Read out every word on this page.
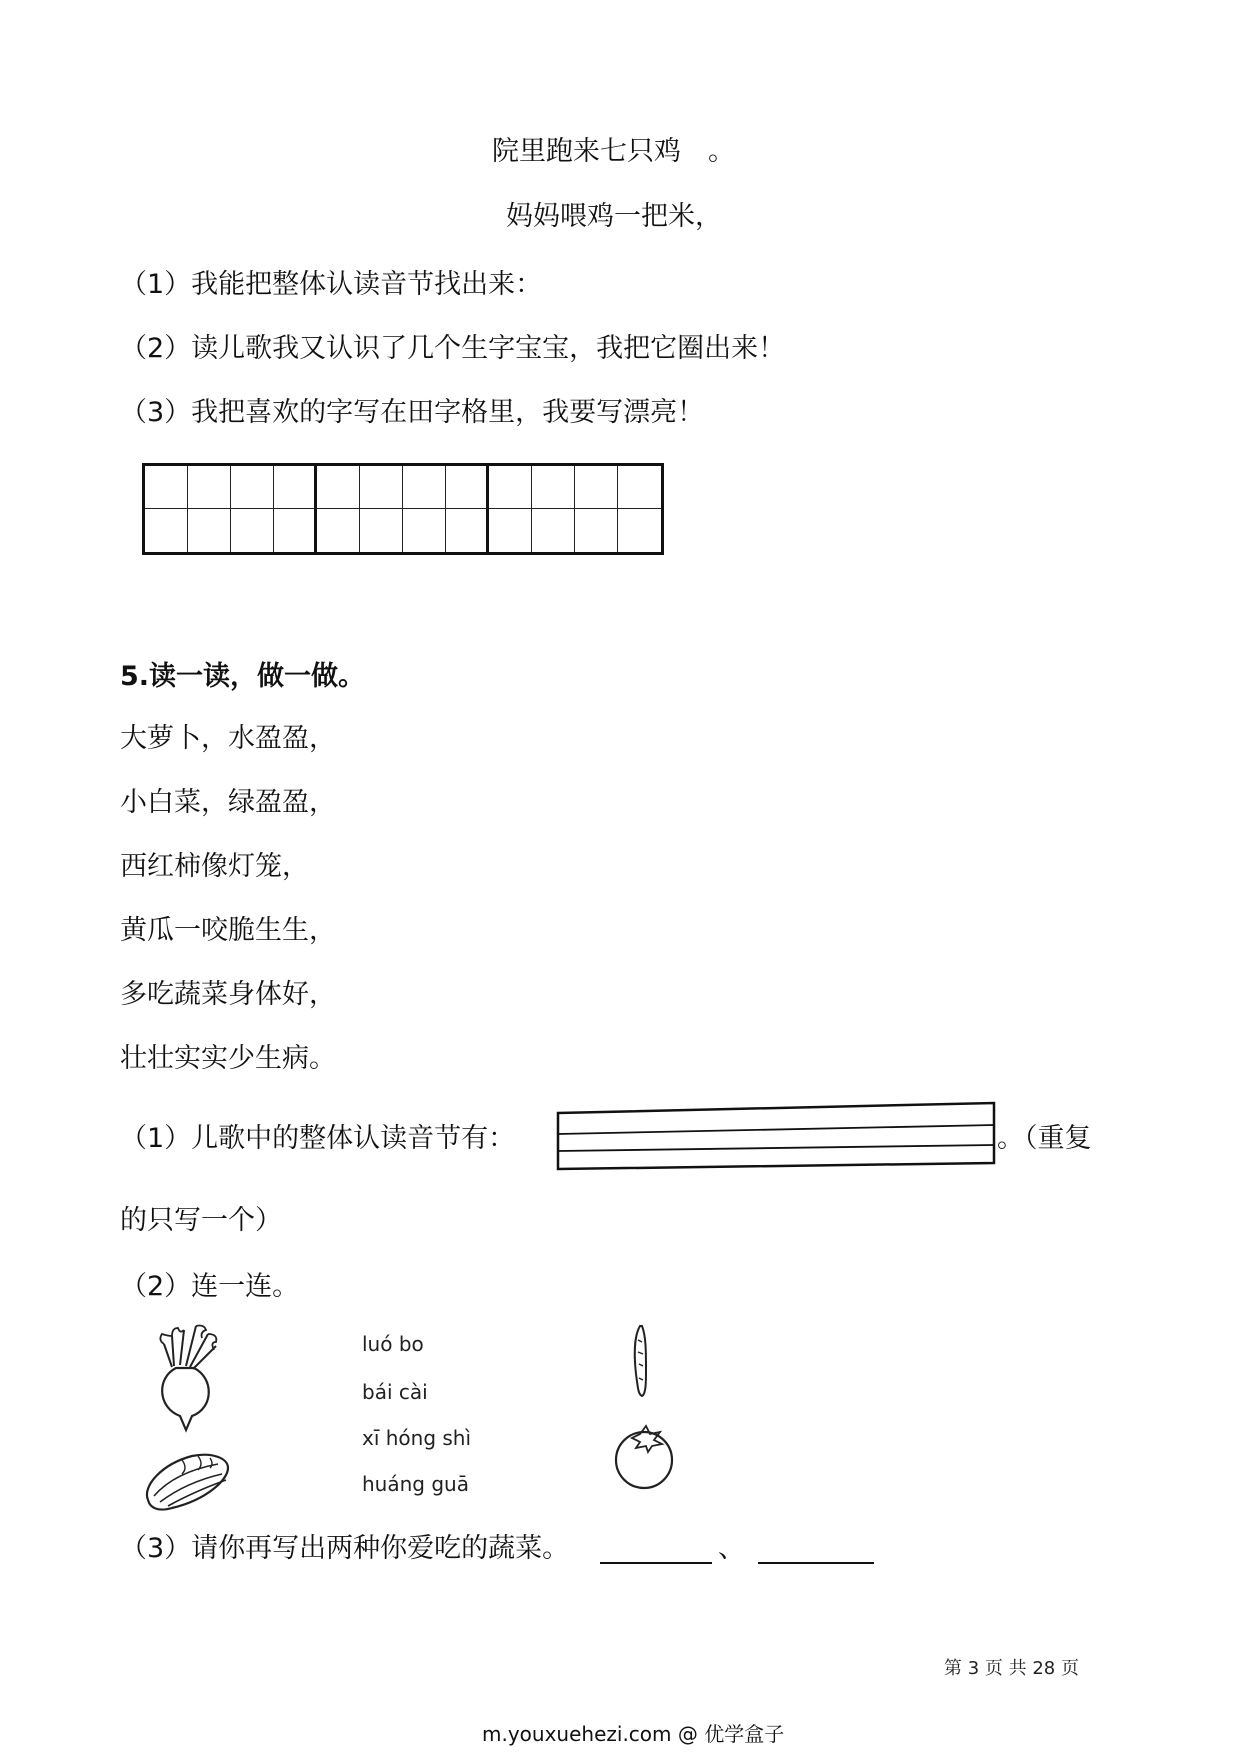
院里跑来七只鸡　。
妈妈喂鸡一把米，
（1）我能把整体认读音节找出来：
（2）读儿歌我又认识了几个生字宝宝，我把它圈出来！
（3）我把喜欢的字写在田字格里，我要写漂亮！
5.读一读，做一做。
大萝卜，水盈盈，
小白菜，绿盈盈，
西红柿像灯笼，
黄瓜一咬脆生生，
多吃蔬菜身体好，
壮壮实实少生病。
（1）儿歌中的整体认读音节有：	。（重复
的只写一个）
（2）连一连。
luó bo
bái cài
xī hóng shì
huáng guā
（3）请你再写出两种你爱吃的蔬菜。	、
第 3 页 共 28 页
m.youxuehezi.com @ 优学盒子
